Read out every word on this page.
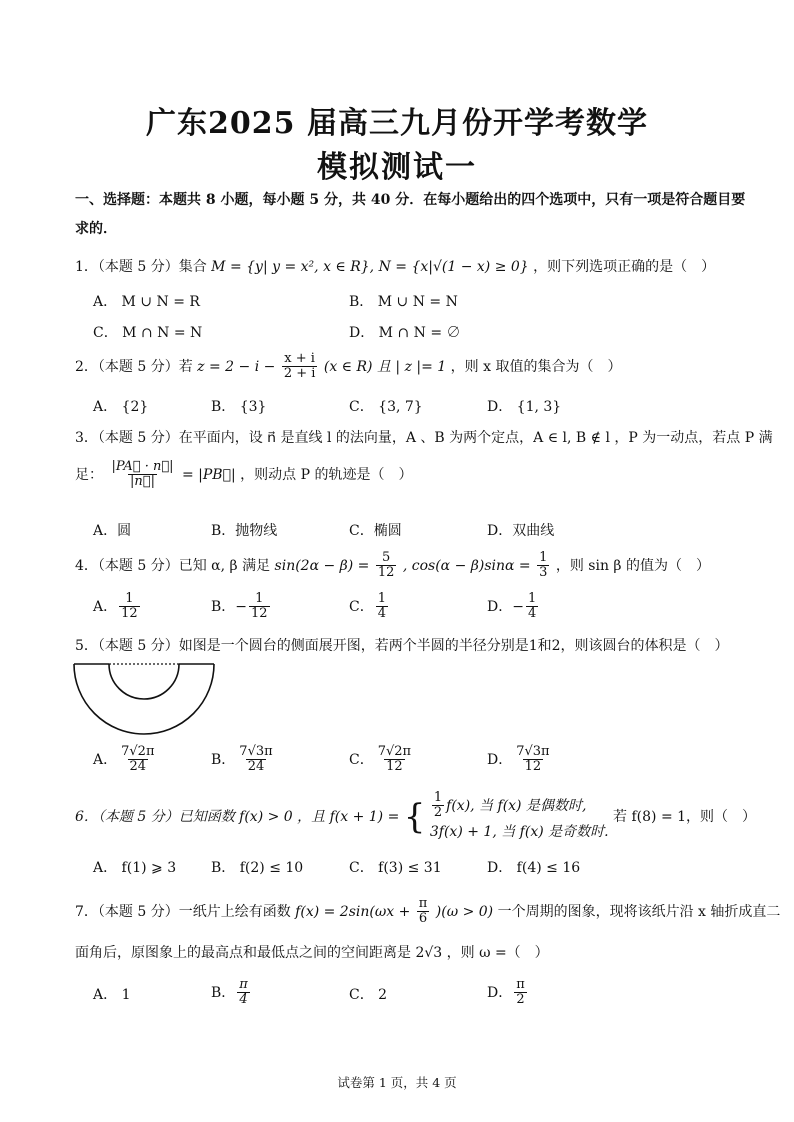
广东2025 届高三九月份开学考数学
模拟测试一
一、选择题：本题共 8 小题，每小题 5 分，共 40 分．在每小题给出的四个选项中，只有一项是符合题目要
求的．
1．（本题 5 分）集合 M = {y| y = x², x ∈ R}, N = {x|√(1 − x) ≥ 0} ，则下列选项正确的是（　）
A． M ∪ N = R	B． M ∪ N = N
C． M ∩ N = N	D． M ∩ N = ∅
2．（本题 5 分）若 $z = 2 - i - \frac{x + i}{2 + i} (x$ ∈ R) 且 | z |= 1 ，则 x 取值的集合为（　）
A． {2}	B． {3}	C． {3, 7}	D． {1, 3}
3．（本题 5 分）在平面内，设 n⃗ 是直线 l 的法向量，A 、B 为两个定点，A ∈ l, B ∉ l ，P 为一动点，若点 P 满
足： $\frac{|PA⃗ \cdot n⃗|}{|n⃗|}$ = |PB⃗| ，则动点 P 的轨迹是（　）
A．圆	B．抛物线	C．椭圆	D．双曲线
4．（本题 5 分）已知 α, β 满足 $\sin(2\alpha - \beta) = \frac{5}{12}$ , $\cos(\alpha - \beta)\sin\alpha = \frac{1}{3}$ ，则 sin β 的值为（　）
A． $\frac{1}{12}$	B．− $\frac{1}{12}$	C． $\frac{1}{4}$	D．− $\frac{1}{4}$
5．（本题 5 分）如图是一个圆台的侧面展开图，若两个半圆的半径分别是1和2，则该圆台的体积是（　）
A． $\frac{7√2\pi}{24}$	B． $\frac{7√3\pi}{24}$	C． $\frac{7√2\pi}{12}$	D． $\frac{7√3\pi}{12}$
6．（本题 5 分）已知函数 f(x) > 0 ，且 f(x + 1) = { $\frac{1}{2} f(x)$, 当 f(x) 是偶数时,
3f(x) + 1, 当 f(x) 是奇数时.
若 f(8) = 1，则（　）
A． f(1) ⩾ 3 B． f(2) ≤ 10	C． f(3) ≤ 31	D． f(4) ≤ 16
7．（本题 5 分）一纸片上绘有函数 $f(x) = 2\sin(\omega x + \frac{\pi}{6} )(\omega > 0)$ 一个周期的图象，现将该纸片沿 x 轴折成直二
面角后，原图象上的最高点和最低点之间的空间距离是 2√3 ，则 ω =（　）
A． 1	B． $\frac{\pi}{4}$	C． 2	D． $\frac{\pi}{2}$
试卷第 1 页，共 4 页
